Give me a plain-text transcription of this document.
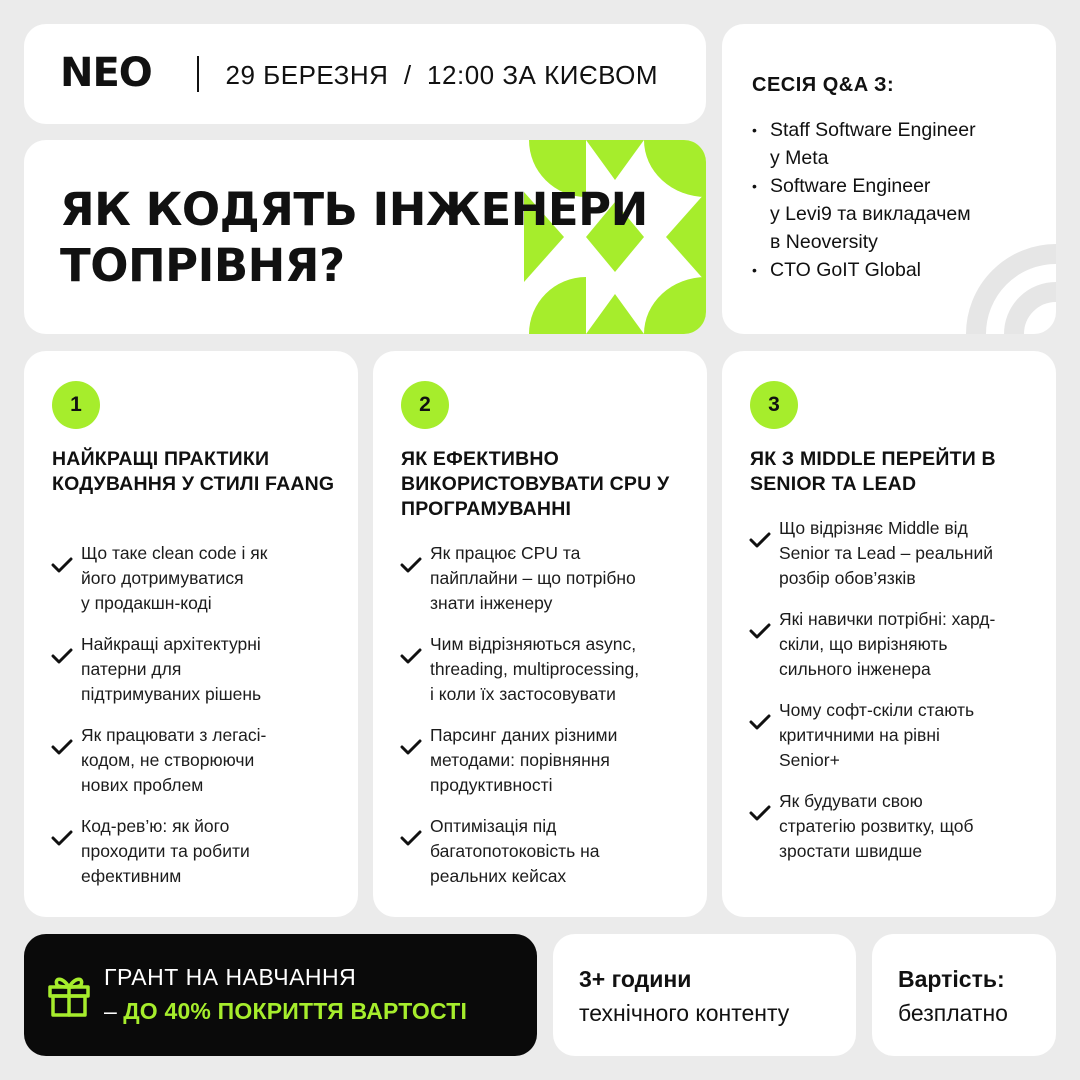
NEO	29 БЕРЕЗНЯ  /  12:00 ЗА КИЄВОМ
ЯК КОДЯТЬ ІНЖЕНЕРИ ТОПРІВНЯ?
СЕСІЯ Q&A З:
• Staff Software Engineer
у Meta
• Software Engineer
у Levi9 та викладачем
в Neoversity
• CTO GoIT Global
1
НАЙКРАЩІ ПРАКТИКИ КОДУВАННЯ У СТИЛІ FAANG
Що таке clean code і як
його дотримуватися
у продакшн-коді
Найкращі архітектурні
патерни для
підтримуваних рішень
Як працювати з легасі-
кодом, не створюючи
нових проблем
Код-рев’ю: як його
проходити та робити
ефективним
2
ЯК ЕФЕКТИВНО ВИКОРИСТОВУВАТИ CPU У ПРОГРАМУВАННІ
Як працює CPU та
пайплайни – що потрібно
знати інженеру
Чим відрізняються async,
threading, multiprocessing,
і коли їх застосовувати
Парсинг даних різними
методами: порівняння
продуктивності
Оптимізація під
багатопотоковість на
реальних кейсах
3
ЯК З MIDDLE ПЕРЕЙТИ В SENIOR ТА LEAD
Що відрізняє Middle від
Senior та Lead – реальний
розбір обов’язків
Які навички потрібні: хард-
скіли, що вирізняють
сильного інженера
Чому софт-скіли стають
критичними на рівні
Senior+
Як будувати свою
стратегію розвитку, щоб
зростати швидше
ГРАНТ НА НАВЧАННЯ
– ДО 40% ПОКРИТТЯ ВАРТОСТІ
3+ години
технічного контенту
Вартість:
безплатно
